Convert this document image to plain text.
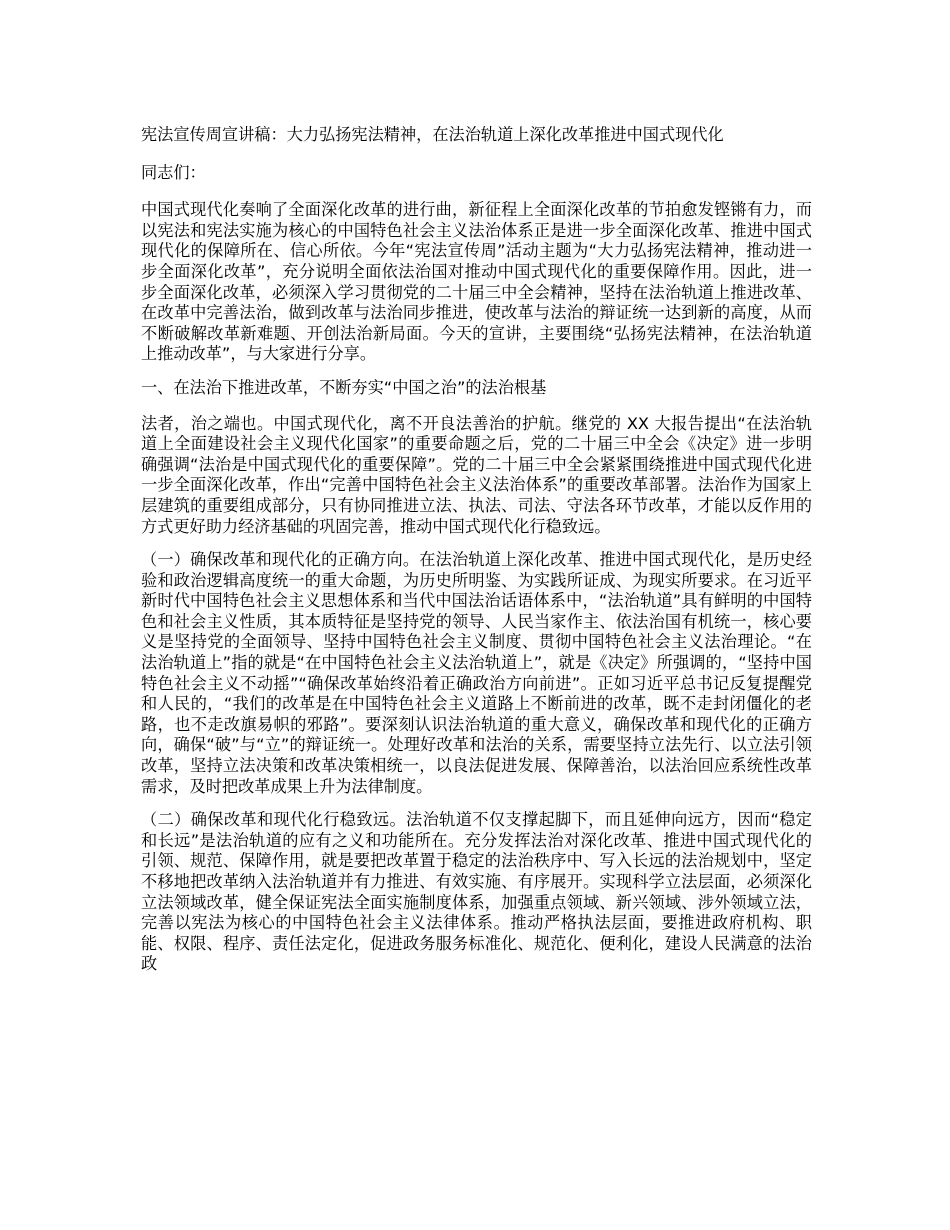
宪法宣传周宣讲稿：大力弘扬宪法精神，在法治轨道上深化改革推进中国式现代化

同志们：

中国式现代化奏响了全面深化改革的进行曲，新征程上全面深化改革的节拍愈发铿锵有力，而以宪法和宪法实施为核心的中国特色社会主义法治体系正是进一步全面深化改革、推进中国式现代化的保障所在、信心所依。今年“宪法宣传周”活动主题为“大力弘扬宪法精神，推动进一步全面深化改革”，充分说明全面依法治国对推动中国式现代化的重要保障作用。因此，进一步全面深化改革，必须深入学习贯彻党的二十届三中全会精神，坚持在法治轨道上推进改革、在改革中完善法治，做到改革与法治同步推进，使改革与法治的辩证统一达到新的高度，从而不断破解改革新难题、开创法治新局面。今天的宣讲，主要围绕“弘扬宪法精神，在法治轨道上推动改革”，与大家进行分享。

一、在法治下推进改革，不断夯实“中国之治”的法治根基

法者，治之端也。中国式现代化，离不开良法善治的护航。继党的 XX 大报告提出“在法治轨道上全面建设社会主义现代化国家”的重要命题之后，党的二十届三中全会《决定》进一步明确强调“法治是中国式现代化的重要保障”。党的二十届三中全会紧紧围绕推进中国式现代化进一步全面深化改革，作出“完善中国特色社会主义法治体系”的重要改革部署。法治作为国家上层建筑的重要组成部分，只有协同推进立法、执法、司法、守法各环节改革，才能以反作用的方式更好助力经济基础的巩固完善，推动中国式现代化行稳致远。

（一）确保改革和现代化的正确方向。在法治轨道上深化改革、推进中国式现代化，是历史经验和政治逻辑高度统一的重大命题，为历史所明鉴、为实践所证成、为现实所要求。在习近平新时代中国特色社会主义思想体系和当代中国法治话语体系中，“法治轨道”具有鲜明的中国特色和社会主义性质，其本质特征是坚持党的领导、人民当家作主、依法治国有机统一，核心要义是坚持党的全面领导、坚持中国特色社会主义制度、贯彻中国特色社会主义法治理论。“在法治轨道上”指的就是“在中国特色社会主义法治轨道上”，就是《决定》所强调的，“坚持中国特色社会主义不动摇”“确保改革始终沿着正确政治方向前进”。正如习近平总书记反复提醒党和人民的，“我们的改革是在中国特色社会主义道路上不断前进的改革，既不走封闭僵化的老路，也不走改旗易帜的邪路”。要深刻认识法治轨道的重大意义，确保改革和现代化的正确方向，确保“破”与“立”的辩证统一。处理好改革和法治的关系，需要坚持立法先行、以立法引领改革，坚持立法决策和改革决策相统一，以良法促进发展、保障善治，以法治回应系统性改革需求，及时把改革成果上升为法律制度。

（二）确保改革和现代化行稳致远。法治轨道不仅支撑起脚下，而且延伸向远方，因而“稳定和长远”是法治轨道的应有之义和功能所在。充分发挥法治对深化改革、推进中国式现代化的引领、规范、保障作用，就是要把改革置于稳定的法治秩序中、写入长远的法治规划中，坚定不移地把改革纳入法治轨道并有力推进、有效实施、有序展开。实现科学立法层面，必须深化立法领域改革，健全保证宪法全面实施制度体系，加强重点领域、新兴领域、涉外领域立法，完善以宪法为核心的中国特色社会主义法律体系。推动严格执法层面，要推进政府机构、职能、权限、程序、责任法定化，促进政务服务标准化、规范化、便利化，建设人民满意的法治政
